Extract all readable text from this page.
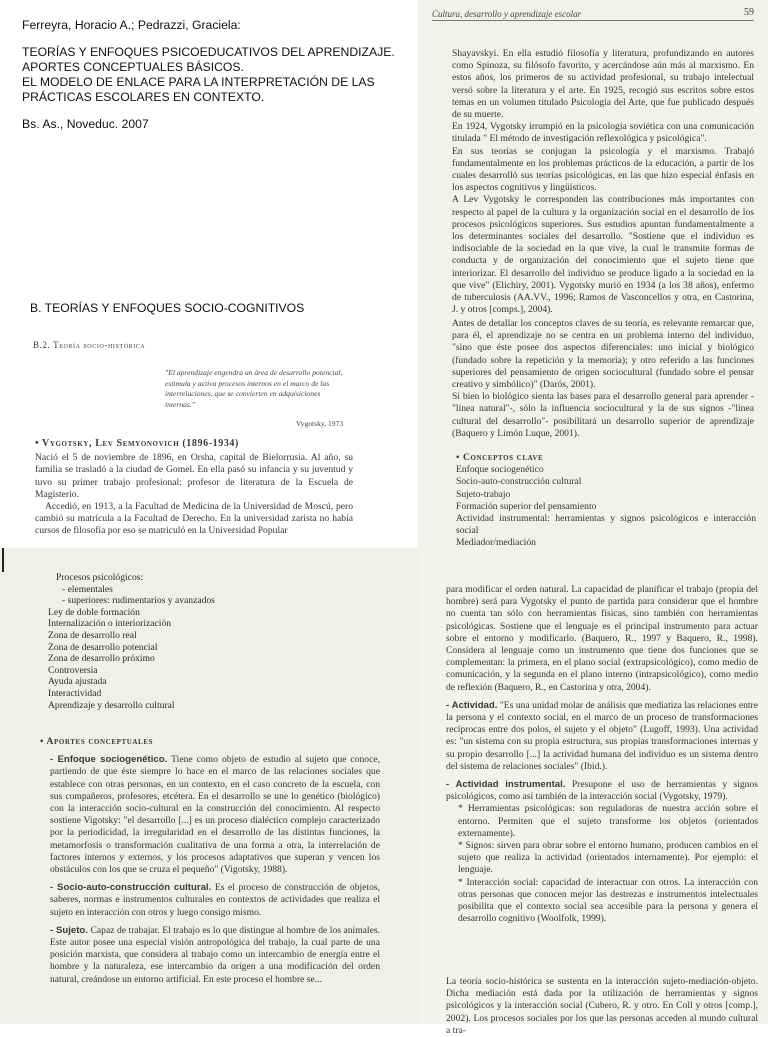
Ferreyra, Horacio A.; Pedrazzi, Graciela:
TEORÍAS Y ENFOQUES PSICOEDUCATIVOS DEL APRENDIZAJE.
APORTES CONCEPTUALES BÁSICOS.
EL MODELO DE ENLACE PARA LA INTERPRETACIÓN DE LAS
PRÁCTICAS ESCOLARES EN CONTEXTO.
Bs. As., Noveduc. 2007
B. TEORÍAS Y ENFOQUES SOCIO-COGNITIVOS
B.2. Teoría socio-histórica
"El aprendizaje engendra un área de desarrollo potencial, estimula y activa procesos internos en el marco de las interrelaciones, que se convierten en adquisiciones internas."
Vygotsky, 1973

• Vygotsky, Lev Semyonovich (1896-1934)

Nació el 5 de noviembre de 1896, en Orsha, capital de Bielorrusia. Al año, su familia se trasladó a la ciudad de Gomel. En ella pasó su infancia y su juventud y tuvo su primer trabajo profesional: profesor de literatura de la Escuela de Magisterio.

Accedió, en 1913, a la Facultad de Medicina de la Universidad de Moscú, pero cambió su matrícula a la Facultad de Derecho. En la universidad zarista no había cursos de filosofía por eso se matriculó en la Universidad Popular

Cultura, desarrollo y aprendizaje escolar	59

Shayavskyi. En ella estudió filosofía y literatura, profundizando en autores como Spinoza, su filósofo favorito, y acercándose aún más al marxismo. En estos años, los primeros de su actividad profesional, su trabajo intelectual versó sobre la literatura y el arte. En 1925, recogió sus escritos sobre estos temas en un volumen titulado Psicología del Arte, que fue publicado después de su muerte.

En 1924, Vygotsky irrumpió en la psicología soviética con una comunicación titulada " El método de investigación reflexológica y psicológica".

En sus teorías se conjugan la psicología y el marxismo. Trabajó fundamentalmente en los problemas prácticos de la educación, a partir de los cuales desarrolló sus teorías psicológicas, en las que hizo especial énfasis en los aspectos cognitivos y lingüísticos.

A Lev Vygotsky le corresponden las contribuciones más importantes con respecto al papel de la cultura y la organización social en el desarrollo de los procesos psicológicos superiores. Sus estudios apuntan fundamentalmente a los determinantes sociales del desarrollo. "Sostiene que el individuo es indisociable de la sociedad en la que vive, la cual le transmite formas de conducta y de organización del conocimiento que el sujeto tiene que interiorizar. El desarrollo del individuo se produce ligado a la sociedad en la que vive" (Elichiry, 2001). Vygotsky murió en 1934 (a los 38 años), enfermo de tuberculosis (AA.VV., 1996; Ramos de Vasconcellos y otra, en Castorina, J. y otros [comps.], 2004).

Antes de detallar los conceptos claves de su teoría, es relevante remarcar que, para él, el aprendizaje no se centra en un problema interno del individuo, "sino que éste posee dos aspectos diferenciales: uno inicial y biológico (fundado sobre la repetición y la memoria); y otro referido a las funciones superiores del pensamiento de origen sociocultural (fundado sobre el pensar creativo y simbólico)" (Darós, 2001).

Si bien lo biológico sienta las bases para el desarrollo general para aprender - "línea natural"-, sólo la influencia sociocultural y la de sus signos -"línea cultural del desarrollo"- posibilitará un desarrollo superior de aprendizaje (Baquero y Limón Luque, 2001).

• Conceptos clave

Enfoque sociogenético
Socio-auto-construcción cultural
Sujeto-trabajo
Formación superior del pensamiento
Actividad instrumental: herramientas y signos psicológicos e interacción social
Mediador/mediación
Procesos psicológicos:
- elementales
- superiores: rudimentarios y avanzados
Ley de doble formación
Internalización o interiorización
Zona de desarrollo real
Zona de desarrollo potencial
Zona de desarrollo próximo
Controversia
Ayuda ajustada
Interactividad
Aprendizaje y desarrollo cultural

• Aportes conceptuales

- Enfoque sociogenético. Tiene como objeto de estudio al sujeto que conoce, partiendo de que éste siempre lo hace en el marco de las relaciones sociales que establece con otras personas, en un contexto, en el caso concreto de la escuela, con sus compañeros, profesores, etcétera. En el desarrollo se une lo genético (biológico) con la interacción socio-cultural en la construcción del conocimiento. Al respecto sostiene Vigotsky: "el desarrollo [...] es un proceso dialéctico complejo caracterizado por la periodicidad, la irregularidad en el desarrollo de las distintas funciones, la metamorfosis o transformación cualitativa de una forma a otra, la interrelación de factores internos y externos, y los procesos adaptativos que superan y vencen los obstáculos con los que se cruza el pequeño" (Vigotsky, 1988).
- Socio-auto-construcción cultural. Es el proceso de construcción de objetos, saberes, normas e instrumentos culturales en contextos de actividades que realiza el sujeto en interacción con otros y luego consigo mismo.
- Sujeto. Capaz de trabajar. El trabajo es lo que distingue al hombre de los animales. Este autor posee una especial visión antropológica del trabajo, la cual parte de una posición marxista, que considera al trabajo como un intercambio de energía entre el hombre y la naturaleza, ese intercambio da origen a una modificación del orden natural, creándose un entorno artificial. En este proceso el hombre se...

para modificar el orden natural. La capacidad de planificar el trabajo (propia del hombre) será para Vygotsky el punto de partida para considerar que el hombre no cuenta tan sólo con herramientas físicas, sino también con herramientas psicológicas. Sostiene que el lenguaje es el principal instrumento para actuar sobre el entorno y modificarlo. (Baquero, R., 1997 y Baquero, R., 1998). Considera al lenguaje como un instrumento que tiene dos funciones que se complementan: la primera, en el plano social (extrapsicológico), como medio de comunicación, y la segunda en el plano interno (intrapsicológico), como medio de reflexión (Baquero, R., en Castorina y otra, 2004).

- Actividad. "Es una unidad molar de análisis que mediatiza las relaciones entre la persona y el contexto social, en el marco de un proceso de transformaciones recíprocas entre dos polos, el sujeto y el objeto" (Lugoff, 1993). Una actividad es: "un sistema con su propia estructura, sus propias transformaciones internas y su propio desarrollo [...] la actividad humana del individuo es un sistema dentro del sistema de relaciones sociales" (Ibid.).
- Actividad instrumental. Presupone el uso de herramientas y signos psicológicos, como así también de la interacción social (Vygotsky, 1979).

* Herramientas psicológicas: son reguladoras de nuestra acción sobre el entorno. Permiten que el sujeto transforme los objetos (orientados externamente).

* Signos: sirven para obrar sobre el entorno humano, producen cambios en el sujeto que realiza la actividad (orientados internamente). Por ejemplo: el lenguaje.

* Interacción social: capacidad de interactuar con otros. La interacción con otras personas que conocen mejor las destrezas e instrumentos intelectuales posibilita que el contexto social sea accesible para la persona y genera el desarrollo cognitivo (Woolfolk, 1999).

La teoría socio-histórica se sustenta en la interacción sujeto-mediación-objeto. Dicha mediación está dada por la utilización de herramientas y signos psicológicos y la interacción social (Cubero, R. y otro. En Coll y otros [comp.], 2002). Los procesos sociales por los que las personas acceden al mundo cultural a tra-
